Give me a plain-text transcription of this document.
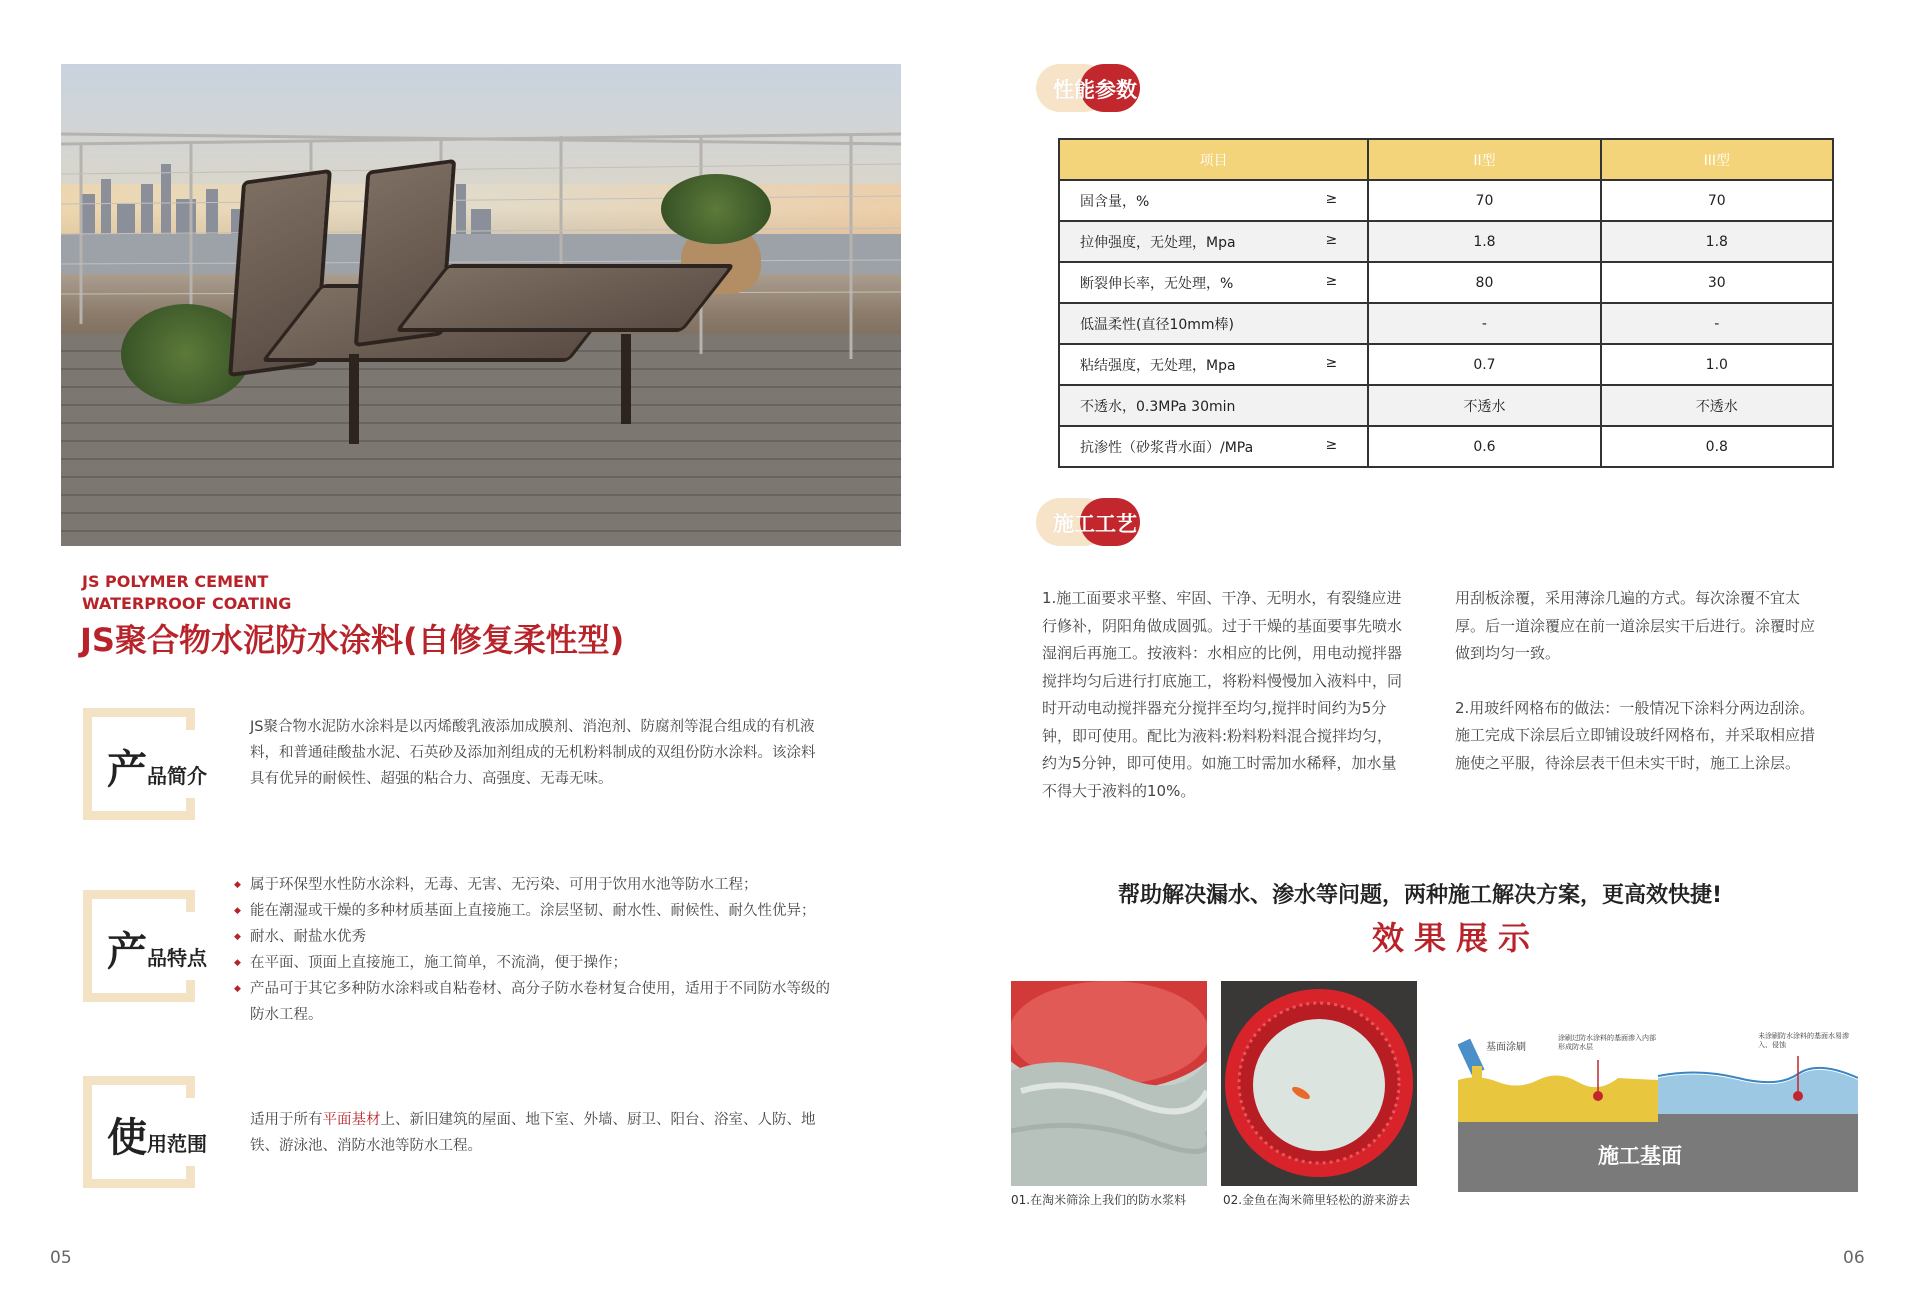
JS POLYMER CEMENT
WATERPROOF COATING
JS聚合物水泥防水涂料(自修复柔性型)
产品简介
JS聚合物水泥防水涂料是以丙烯酸乳液添加成膜剂、消泡剂、防腐剂等混合组成的有机液料，和普通硅酸盐水泥、石英砂及添加剂组成的无机粉料制成的双组份防水涂料。该涂料具有优异的耐候性、超强的粘合力、高强度、无毒无味。
产品特点
◆ 属于环保型水性防水涂料，无毒、无害、无污染、可用于饮用水池等防水工程；
◆ 能在潮湿或干燥的多种材质基面上直接施工。涂层坚韧、耐水性、耐候性、耐久性优异；
◆ 耐水、耐盐水优秀
◆ 在平面、顶面上直接施工，施工简单，不流淌，便于操作；
◆ 产品可于其它多种防水涂料或自粘卷材、高分子防水卷材复合使用，适用于不同防水等级的防水工程。
使用范围
适用于所有平面基材上、新旧建筑的屋面、地下室、外墙、厨卫、阳台、浴室、人防、地铁、游泳池、消防水池等防水工程。
05
性能参数
项目	II型	III型
固含量，% ≥	70	70
拉伸强度，无处理，Mpa ≥	1.8	1.8
断裂伸长率，无处理，% ≥	80	30
低温柔性(直径10mm棒)	-	-
粘结强度，无处理，Mpa ≥	0.7	1.0
不透水，0.3MPa 30min	不透水	不透水
抗渗性（砂浆背水面）/MPa ≥	0.6	0.8
施工工艺
1.施工面要求平整、牢固、干净、无明水，有裂缝应进行修补，阴阳角做成圆弧。过于干燥的基面要事先喷水湿润后再施工。按液料：水相应的比例，用电动搅拌器搅拌均匀后进行打底施工，将粉料慢慢加入液料中，同时开动电动搅拌器充分搅拌至均匀,搅拌时间约为5分钟，即可使用。配比为液料:粉料粉料混合搅拌均匀，约为5分钟，即可使用。如施工时需加水稀释，加水量不得大于液料的10%。
用刮板涂覆，采用薄涂几遍的方式。每次涂覆不宜太厚。后一道涂覆应在前一道涂层实干后进行。涂覆时应做到均匀一致。
2.用玻纤网格布的做法：一般情况下涂料分两边刮涂。施工完成下涂层后立即铺设玻纤网格布，并采取相应措施使之平服，待涂层表干但未实干时，施工上涂层。
帮助解决漏水、渗水等问题，两种施工解决方案，更高效快捷!
效果展示
01.在淘米筛涂上我们的防水浆料	02.金鱼在淘米筛里轻松的游来游去
基面涂刷
涂刷过防水涂料的基面渗入内部形成防水层
未涂刷防水涂料的基面水易渗入、侵蚀
施工基面
06
